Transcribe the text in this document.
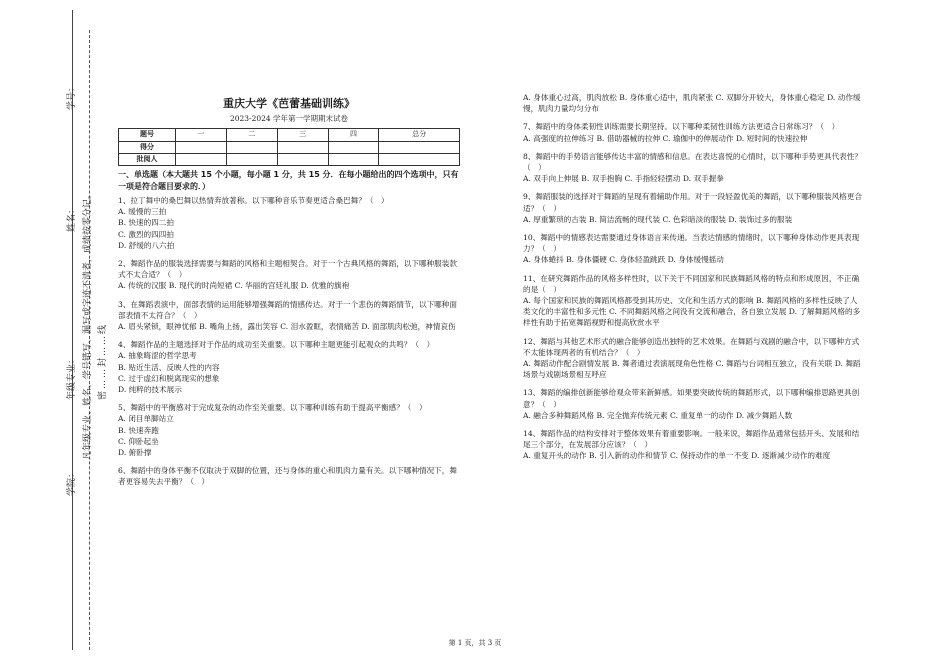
学号：
凡年级专业、姓名、学号错写、漏写或字迹不清者，成绩按零分记。 密……封……线
姓名：
年级专业：
学院：
重庆大学《芭蕾基础训练》
2023-2024 学年第一学期期末试卷
题号	一	二	三	四	总分
得分					
批阅人					
一、单选题（本大题共 15 个小题，每小题 1 分，共 15 分．在每小题给出的四个选项中，只有一项是符合题目要求的．）
1、拉丁舞中的桑巴舞以热情奔放著称。以下哪种音乐节奏更适合桑巴舞？（　）
A. 缓慢的三拍
B. 快速的四二拍
C. 激烈的四四拍
D. 舒缓的八六拍
2、舞蹈作品的服装选择需要与舞蹈的风格和主题相契合。对于一个古典风格的舞蹈，以下哪种服装款式不太合适？（　）
A. 传统的汉服 B. 现代的时尚短裙 C. 华丽的宫廷礼服 D. 优雅的旗袍
3、在舞蹈表演中，面部表情的运用能够增强舞蹈的情感传达。对于一个悲伤的舞蹈情节，以下哪种面部表情不太符合？（　）
A. 眉头紧锁，眼神忧郁 B. 嘴角上扬，露出笑容 C. 泪水盈眶，表情痛苦 D. 面部肌肉松弛，神情哀伤
4、舞蹈作品的主题选择对于作品的成功至关重要。以下哪种主题更能引起观众的共鸣？（　）
A. 抽象晦涩的哲学思考
B. 贴近生活、反映人性的内容
C. 过于虚幻和脱离现实的想象
D. 纯粹的技术展示
5、舞蹈中的平衡感对于完成复杂的动作至关重要。以下哪种训练有助于提高平衡感？（　）
A. 闭目单脚站立
B. 快速奔跑
C. 仰卧起坐
D. 俯卧撑
6、舞蹈中的身体平衡不仅取决于双脚的位置，还与身体的重心和肌肉力量有关。以下哪种情况下，舞者更容易失去平衡？（　）
A. 身体重心过高，肌肉放松 B. 身体重心适中，肌肉紧张 C. 双脚分开较大，身体重心稳定 D. 动作缓慢，肌肉力量均匀分布
7、舞蹈中的身体柔韧性训练需要长期坚持。以下哪种柔韧性训练方法更适合日常练习？（　）
A. 高强度的拉伸练习 B. 借助器械的拉伸 C. 瑜伽中的伸展动作 D. 短时间的快速拉伸
8、舞蹈中的手势语言能够传达丰富的情感和信息。在表达喜悦的心情时，以下哪种手势更具代表性？（　）
A. 双手向上伸展 B. 双手抱胸 C. 手指轻轻摆动 D. 双手握拳
9、舞蹈服装的选择对于舞蹈的呈现有着辅助作用。对于一段轻盈优美的舞蹈，以下哪种服装风格更合适？（　）
A. 厚重繁琐的古装 B. 简洁流畅的现代装 C. 色彩暗淡的服装 D. 装饰过多的服装
10、舞蹈中的情感表达需要通过身体语言来传递。当表达情感的情绪时，以下哪种身体动作更具表现力？（　）
A. 身体蜷抖 B. 身体僵硬 C. 身体轻盈跳跃 D. 身体缓慢摇动
11、在研究舞蹈作品的风格多样性时，以下关于不同国家和民族舞蹈风格的特点和形成原因，不正确的是（　）
A. 每个国家和民族的舞蹈风格都受到其历史、文化和生活方式的影响 B. 舞蹈风格的多样性反映了人类文化的丰富性和多元性 C. 不同舞蹈风格之间没有交流和融合，各自独立发展 D. 了解舞蹈风格的多样性有助于拓宽舞蹈视野和提高欣赏水平
12、舞蹈与其他艺术形式的融合能够创造出独特的艺术效果。在舞蹈与戏剧的融合中，以下哪种方式不太能体现两者的有机结合？（　）
A. 舞蹈动作配合剧情发展 B. 舞者通过表演展现角色性格 C. 舞蹈与台词相互独立，没有关联 D. 舞蹈场景与戏剧场景相互呼应
13、舞蹈的编排创新能够给观众带来新鲜感。如果要突破传统的舞蹈形式，以下哪种编排思路更具创意？（　）
A. 融合多种舞蹈风格 B. 完全抛弃传统元素 C. 重复单一的动作 D. 减少舞蹈人数
14、舞蹈作品的结构安排对于整体效果有着重要影响。一般来说，舞蹈作品通常包括开头、发展和结尾三个部分，在发展部分应该？（　）
A. 重复开头的动作 B. 引入新的动作和情节 C. 保持动作的单一不变 D. 逐渐减少动作的难度
第 1 页，共 3 页
